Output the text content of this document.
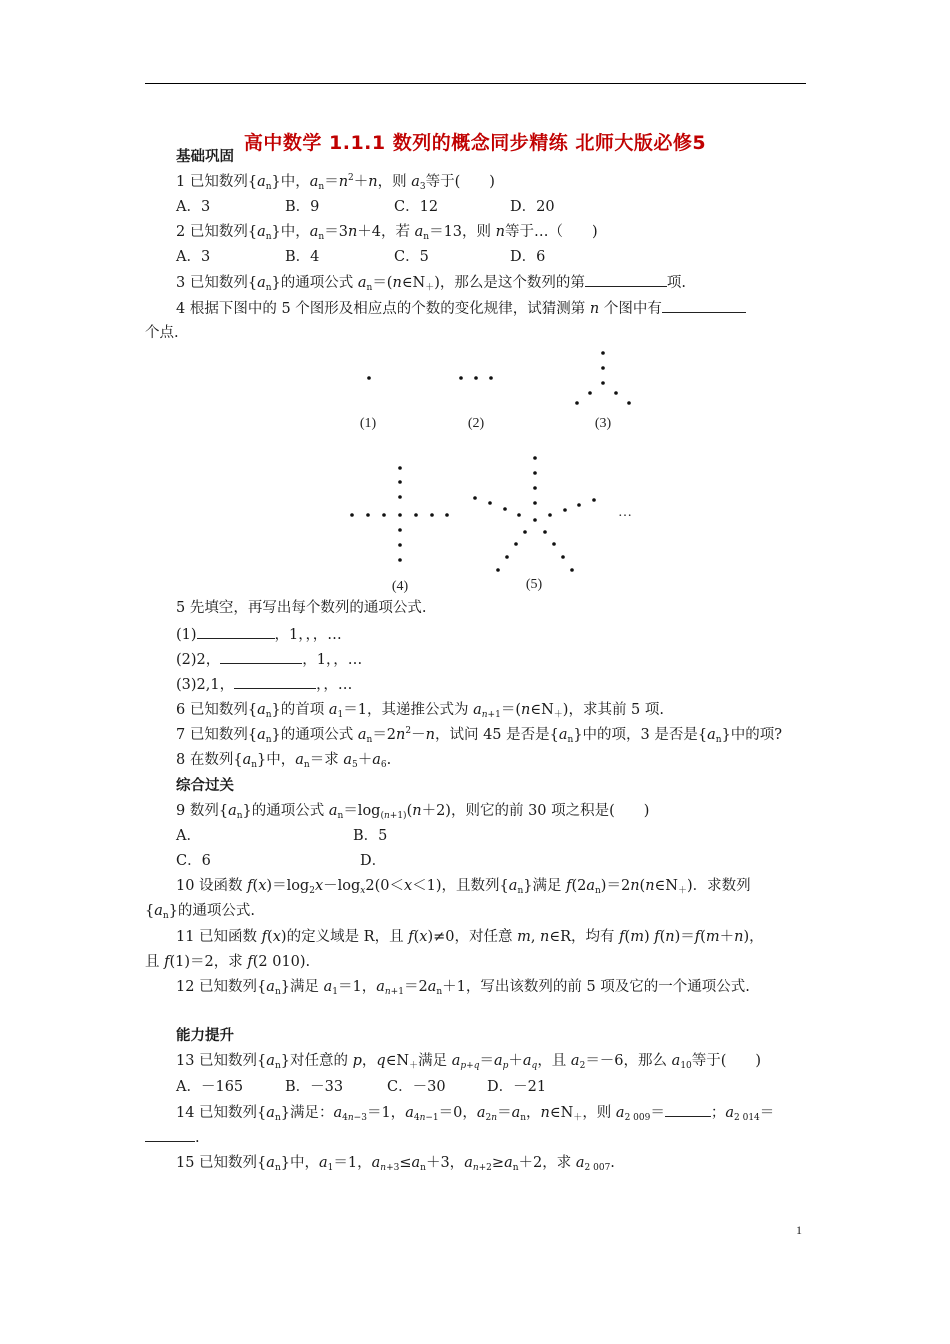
高中数学 1.1.1 数列的概念同步精练 北师大版必修5
基础巩固
1 已知数列$\{a_n\}$中，$a_n=n^2+n$，则 $a_3$等于(　　)
A．3	B．9	C．12	D．20
2 已知数列$\{a_n\}$中，$a_n=3n+4$，若 $a_n=13$，则 n等于…（　　)
A．3	B．4	C．5	D．6
3 已知数列$\{a_n\}$的通项公式 $a_n=(n\in N_+)$，那么是这个数列的第	项.
4 根据下图中的 5 个图形及相应点的个数的变化规律，试猜测第 n 个图中有
个点.
(1)	(2)	(3)
(4)	(5)
…
5 先填空，再写出每个数列的通项公式.
(1)	，1，，，…
(2)2，	，1，，…
(3)2,1，	，，…
6 已知数列$\{a_n\}$的首项 $a_1=1$，其递推公式为 $a_{n+1}=(n\in N_+)$，求其前 5 项.
7 已知数列$\{a_n\}$的通项公式 $a_n=2n^2-n$，试问 45 是否是$\{a_n\}$中的项，3 是否是$\{a_n\}$中的项?
8 在数列$\{a_n\}$中，$a_n=$求 $a_5+a_6$.
综合过关
9 数列$\{a_n\}$的通项公式 $a_n=\log_{(n+1)}(n+2)$，则它的前 30 项之积是(　　)
A．	B．5
C．6	D．
10 设函数 $f(x)=\log_2x-\log_x2(0<x<1)$，且数列$\{a_n\}$满足 $f(2a_n)=2n(n\in N_+)$．求数列
$\{a_n\}$的通项公式.
11 已知函数 f(x)的定义域是 R，且 f(x)≠0，对任意 m, n∈R，均有 f(m) f(n)＝f(m＋n)，
且 f(1)＝2，求 f(2 010).
12 已知数列$\{a_n\}$满足 $a_1=1$，$a_{n+1}=2a_n+1$，写出该数列的前 5 项及它的一个通项公式.
能力提升
13 已知数列$\{a_n\}$对任意的 p，$q\in N_+$满足 $a_{p+q}=a_p+a_q$，且 $a_2=-6$，那么 $a_{10}$等于(　　)
A．－165	B．－33	C．－30	D．－21
14 已知数列$\{a_n\}$满足：$a_{4n-3}=1$，$a_{4n-1}=0$，$a_{2n}=a_n$，$n\in N_+$，则 $a_{2 009}=$	；$a_{2 014}=$
.
15 已知数列$\{a_n\}$中，$a_1=1$，$a_{n+3}\le a_n+3$，$a_{n+2}\ge a_n+2$，求 $a_{2 007}$.
1
